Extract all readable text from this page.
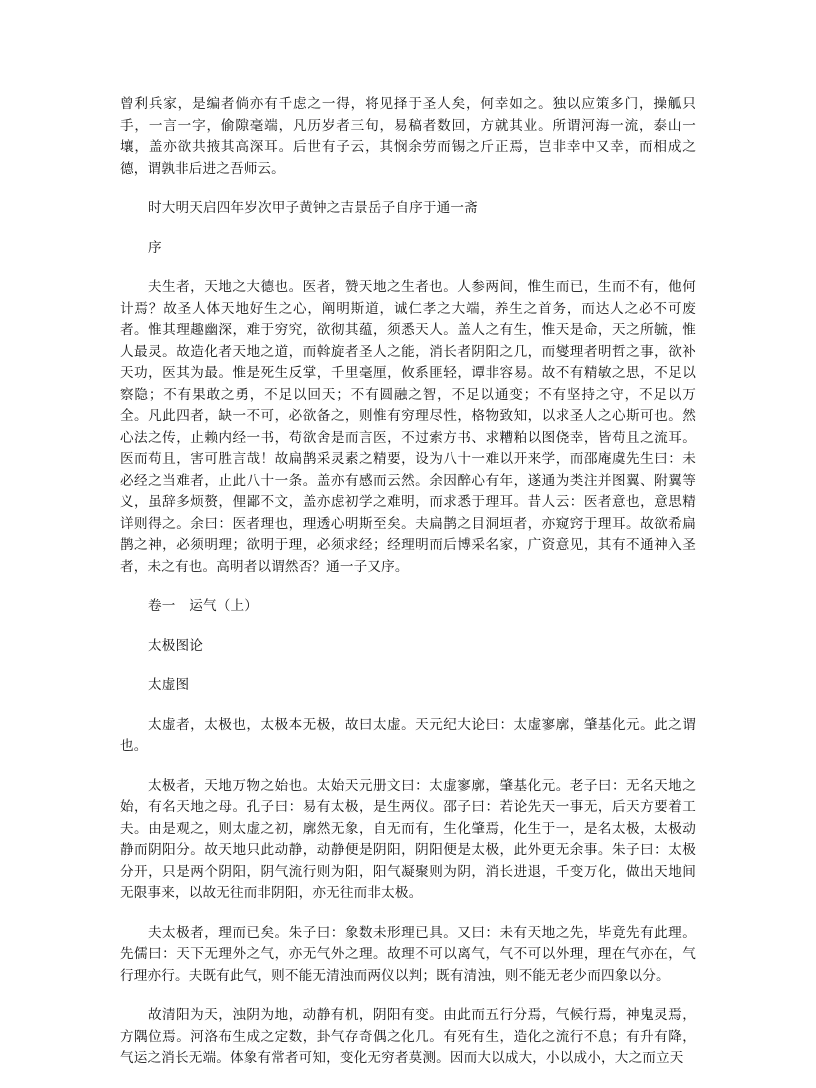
曾利兵家，是编者倘亦有千虑之一得，将见择于圣人矣，何幸如之。独以应策多门，操觚只手，一言一字，偷隙毫端，凡历岁者三旬，易稿者数回，方就其业。所谓河海一流，泰山一壤，盖亦欲共掖其高深耳。后世有子云，其悯余劳而锡之斤正焉，岂非幸中又幸，而相成之德，谓孰非后进之吾师云。

时大明天启四年岁次甲子黄钟之吉景岳子自序于通一斋

序

夫生者，天地之大德也。医者，赞天地之生者也。人参两间，惟生而已，生而不有，他何计焉？故圣人体天地好生之心，阐明斯道，诚仁孝之大端，养生之首务，而达人之必不可废者。惟其理趣幽深，难于穷究，欲彻其蕴，须悉天人。盖人之有生，惟天是命，天之所毓，惟人最灵。故造化者天地之道，而斡旋者圣人之能，消长者阴阳之几，而燮理者明哲之事，欲补天功，医其为最。惟是死生反掌，千里毫厘，攸系匪轻，谭非容易。故不有精敏之思，不足以察隐；不有果敢之勇，不足以回天；不有圆融之智，不足以通变；不有坚持之守，不足以万全。凡此四者，缺一不可，必欲备之，则惟有穷理尽性，格物致知，以求圣人之心斯可也。然心法之传，止赖内经一书，苟欲舍是而言医，不过索方书、求糟粕以图侥幸，皆苟且之流耳。医而苟且，害可胜言哉！故扁鹊采灵素之精要，设为八十一难以开来学，而邵庵虞先生曰：未必经之当难者，止此八十一条。盖亦有感而云然。余因醉心有年，遂通为类注并图翼、附翼等义，虽辞多烦赘，俚鄙不文，盖亦虑初学之难明，而求悉于理耳。昔人云：医者意也，意思精详则得之。余曰：医者理也，理透心明斯至矣。夫扁鹊之目洞垣者，亦窥窍于理耳。故欲希扁鹊之神，必须明理；欲明于理，必须求经；经理明而后博采名家，广资意见，其有不通神入圣者，未之有也。高明者以谓然否？通一子又序。

卷一　运气（上）

太极图论

太虚图

太虚者，太极也，太极本无极，故曰太虚。天元纪大论曰：太虚寥廓，肇基化元。此之谓也。

太极者，天地万物之始也。太始天元册文曰：太虚寥廓，肇基化元。老子曰：无名天地之始，有名天地之母。孔子曰：易有太极，是生两仪。邵子曰：若论先天一事无，后天方要着工夫。由是观之，则太虚之初，廓然无象，自无而有，生化肇焉，化生于一，是名太极，太极动静而阴阳分。故天地只此动静，动静便是阴阳，阴阳便是太极，此外更无余事。朱子曰：太极分开，只是两个阴阳，阴气流行则为阳，阳气凝聚则为阴，消长进退，千变万化，做出天地间无限事来，以故无往而非阴阳，亦无往而非太极。

夫太极者，理而已矣。朱子曰：象数未形理已具。又曰：未有天地之先，毕竟先有此理。先儒曰：天下无理外之气，亦无气外之理。故理不可以离气，气不可以外理，理在气亦在，气行理亦行。夫既有此气，则不能无清浊而两仪以判；既有清浊，则不能无老少而四象以分。

故清阳为天，浊阴为地，动静有机，阴阳有变。由此而五行分焉，气候行焉，神鬼灵焉，方隅位焉。河洛布生成之定数，卦气存奇偶之化几。有死有生，造化之流行不息；有升有降，气运之消长无端。体象有常者可知，变化无穷者莫测。因而大以成大，小以成小，大之而立天
